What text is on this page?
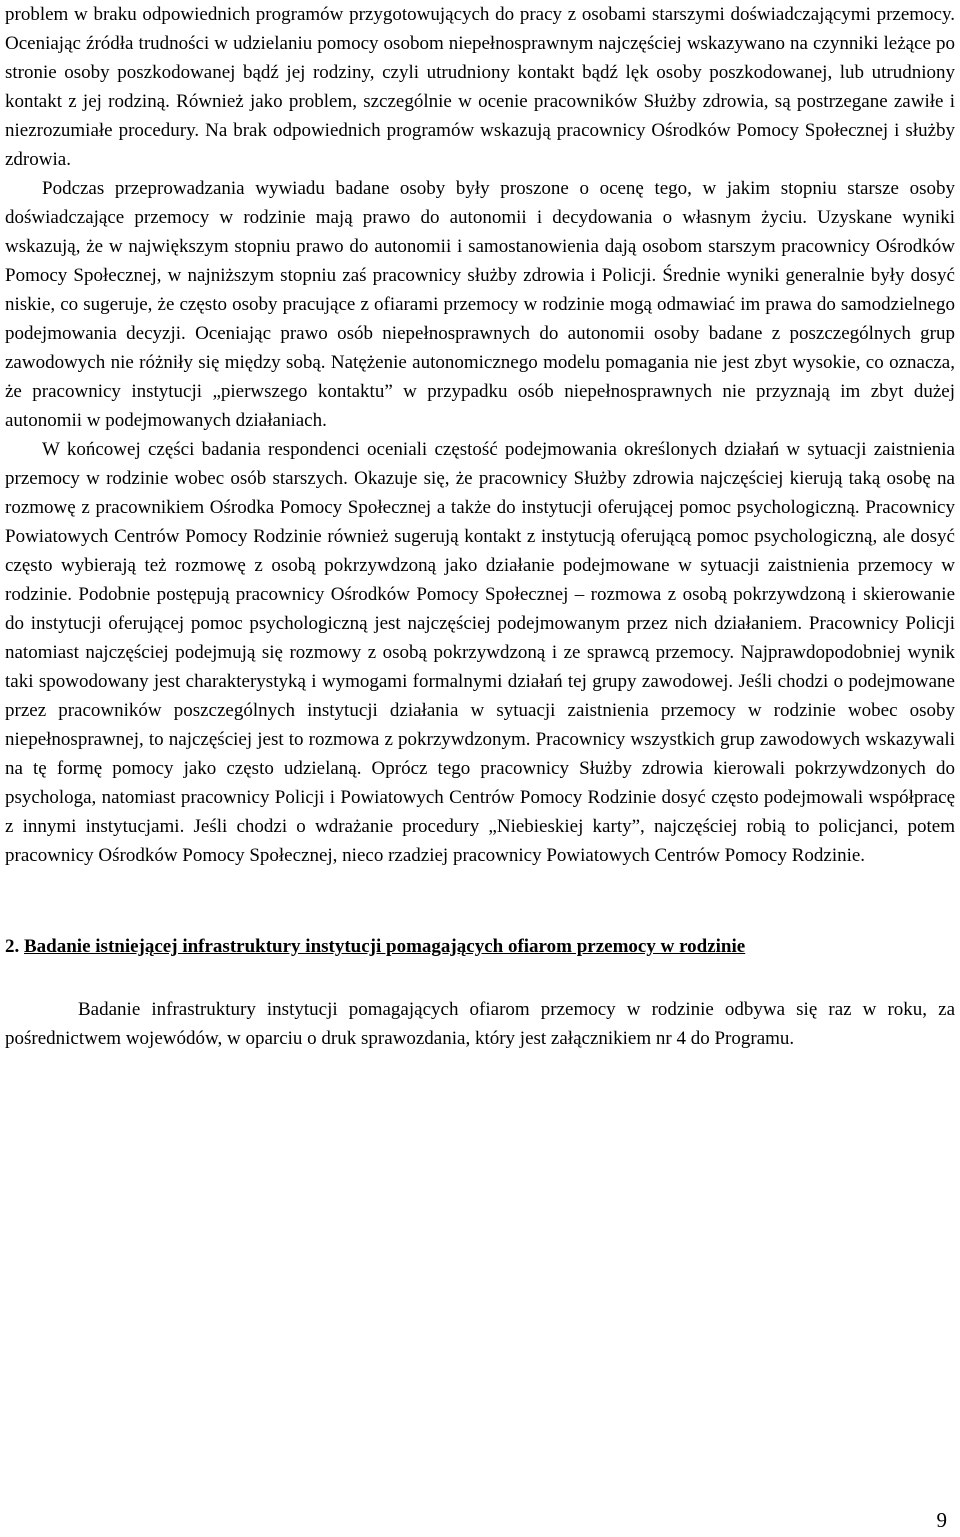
problem w braku odpowiednich programów przygotowujących do pracy z osobami starszymi doświadczającymi przemocy. Oceniając źródła trudności w udzielaniu pomocy osobom niepełnosprawnym najczęściej wskazywano na czynniki leżące po stronie osoby poszkodowanej bądź jej rodziny, czyli utrudniony kontakt bądź lęk osoby poszkodowanej, lub utrudniony kontakt z jej rodziną. Również jako problem, szczególnie w ocenie pracowników Służby zdrowia, są postrzegane zawiłe i niezrozumiałe procedury. Na brak odpowiednich programów wskazują pracownicy Ośrodków Pomocy Społecznej i służby zdrowia.

Podczas przeprowadzania wywiadu badane osoby były proszone o ocenę tego, w jakim stopniu starsze osoby doświadczające przemocy w rodzinie mają prawo do autonomii i decydowania o własnym życiu. Uzyskane wyniki wskazują, że w największym stopniu prawo do autonomii i samostanowienia dają osobom starszym pracownicy Ośrodków Pomocy Społecznej, w najniższym stopniu zaś pracownicy służby zdrowia i Policji. Średnie wyniki generalnie były dosyć niskie, co sugeruje, że często osoby pracujące z ofiarami przemocy w rodzinie mogą odmawiać im prawa do samodzielnego podejmowania decyzji. Oceniając prawo osób niepełnosprawnych do autonomii osoby badane z poszczególnych grup zawodowych nie różniły się między sobą. Natężenie autonomicznego modelu pomagania nie jest zbyt wysokie, co oznacza, że pracownicy instytucji „pierwszego kontaktu” w przypadku osób niepełnosprawnych nie przyznają im zbyt dużej autonomii w podejmowanych działaniach.

W końcowej części badania respondenci oceniali częstość podejmowania określonych działań w sytuacji zaistnienia przemocy w rodzinie wobec osób starszych. Okazuje się, że pracownicy Służby zdrowia najczęściej kierują taką osobę na rozmowę z pracownikiem Ośrodka Pomocy Społecznej a także do instytucji oferującej pomoc psychologiczną. Pracownicy Powiatowych Centrów Pomocy Rodzinie również sugerują kontakt z instytucją oferującą pomoc psychologiczną, ale dosyć często wybierają też rozmowę z osobą pokrzywdzoną jako działanie podejmowane w sytuacji zaistnienia przemocy w rodzinie. Podobnie postępują pracownicy Ośrodków Pomocy Społecznej – rozmowa z osobą pokrzywdzoną i skierowanie do instytucji oferującej pomoc psychologiczną jest najczęściej podejmowanym przez nich działaniem. Pracownicy Policji natomiast najczęściej podejmują się rozmowy z osobą pokrzywdzoną i ze sprawcą przemocy. Najprawdopodobniej wynik taki spowodowany jest charakterystyką i wymogami formalnymi działań tej grupy zawodowej. Jeśli chodzi o podejmowane przez pracowników poszczególnych instytucji działania w sytuacji zaistnienia przemocy w rodzinie wobec osoby niepełnosprawnej, to najczęściej jest to rozmowa z pokrzywdzonym. Pracownicy wszystkich grup zawodowych wskazywali na tę formę pomocy jako często udzielaną. Oprócz tego pracownicy Służby zdrowia kierowali pokrzywdzonych do psychologa, natomiast pracownicy Policji i Powiatowych Centrów Pomocy Rodzinie dosyć często podejmowali współpracę z innymi instytucjami. Jeśli chodzi o wdrażanie procedury „Niebieskiej karty”, najczęściej robią to policjanci, potem pracownicy Ośrodków Pomocy Społecznej, nieco rzadziej pracownicy Powiatowych Centrów Pomocy Rodzinie.

2. Badanie istniejącej infrastruktury instytucji pomagających ofiarom przemocy w rodzinie

Badanie infrastruktury instytucji pomagających ofiarom przemocy w rodzinie odbywa się raz w roku, za pośrednictwem wojewódów, w oparciu o druk sprawozdania, który jest załącznikiem nr 4 do Programu.

9
